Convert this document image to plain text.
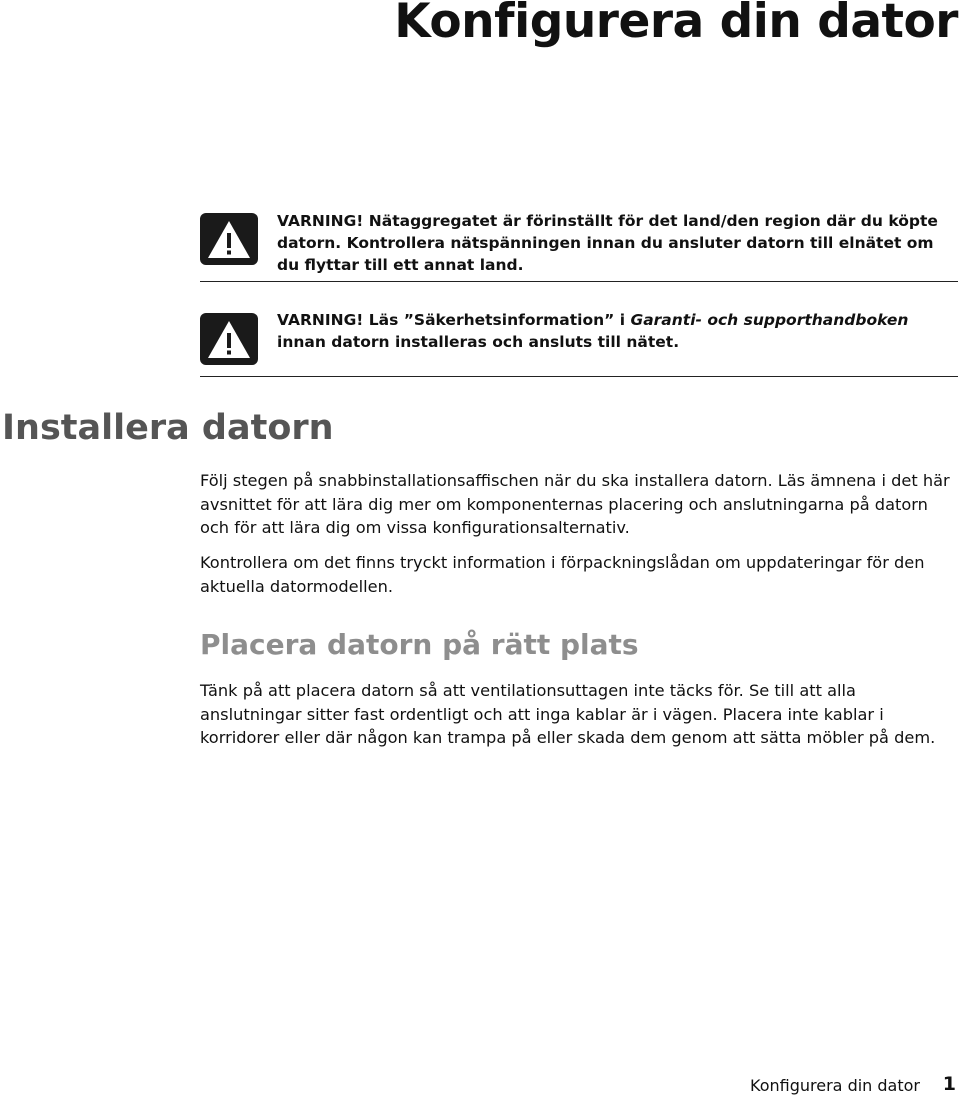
Konfigurera din dator

VARNING! Nätaggregatet är förinställt för det land/den region där du köpte datorn. Kontrollera nätspänningen innan du ansluter datorn till elnätet om du flyttar till ett annat land.

VARNING! Läs ”Säkerhetsinformation” i Garanti- och supporthandboken innan datorn installeras och ansluts till nätet.

Installera datorn

Följ stegen på snabbinstallationsaffischen när du ska installera datorn. Läs ämnena i det här avsnittet för att lära dig mer om komponenternas placering och anslutningarna på datorn och för att lära dig om vissa konfigurationsalternativ.

Kontrollera om det finns tryckt information i förpackningslådan om uppdateringar för den aktuella datormodellen.

Placera datorn på rätt plats

Tänk på att placera datorn så att ventilationsuttagen inte täcks för. Se till att alla anslutningar sitter fast ordentligt och att inga kablar är i vägen. Placera inte kablar i korridorer eller där någon kan trampa på eller skada dem genom att sätta möbler på dem.

Konfigurera din dator 1
